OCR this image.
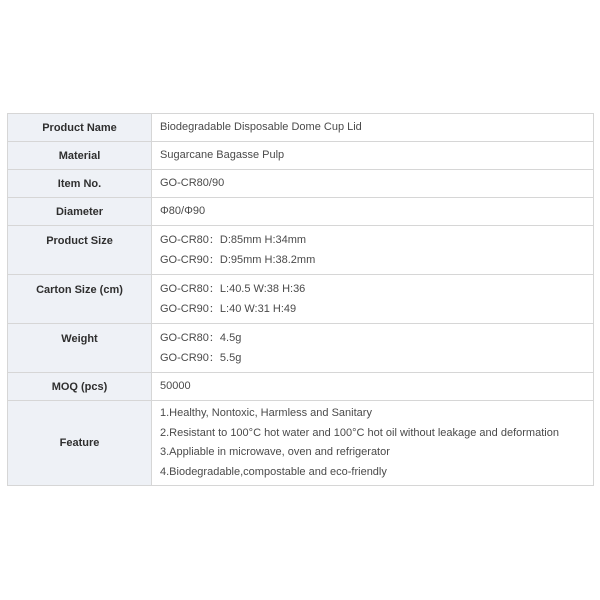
Product Name	Biodegradable Disposable Dome Cup Lid

Material	Sugarcane Bagasse Pulp

Item No.	GO-CR80/90

Diameter	Φ80/Φ90

Product Size	GO-CR80：D:85mm H:34mm
GO-CR90：D:95mm H:38.2mm

Carton Size (cm)	GO-CR80：L:40.5 W:38 H:36
GO-CR90：L:40 W:31 H:49

Weight	GO-CR80：4.5g
GO-CR90：5.5g

MOQ (pcs)	50000

Feature	1.Healthy, Nontoxic, Harmless and Sanitary
2.Resistant to 100°C hot water and 100°C hot oil without leakage and deformation
3.Appliable in microwave, oven and refrigerator
4.Biodegradable,compostable and eco-friendly
